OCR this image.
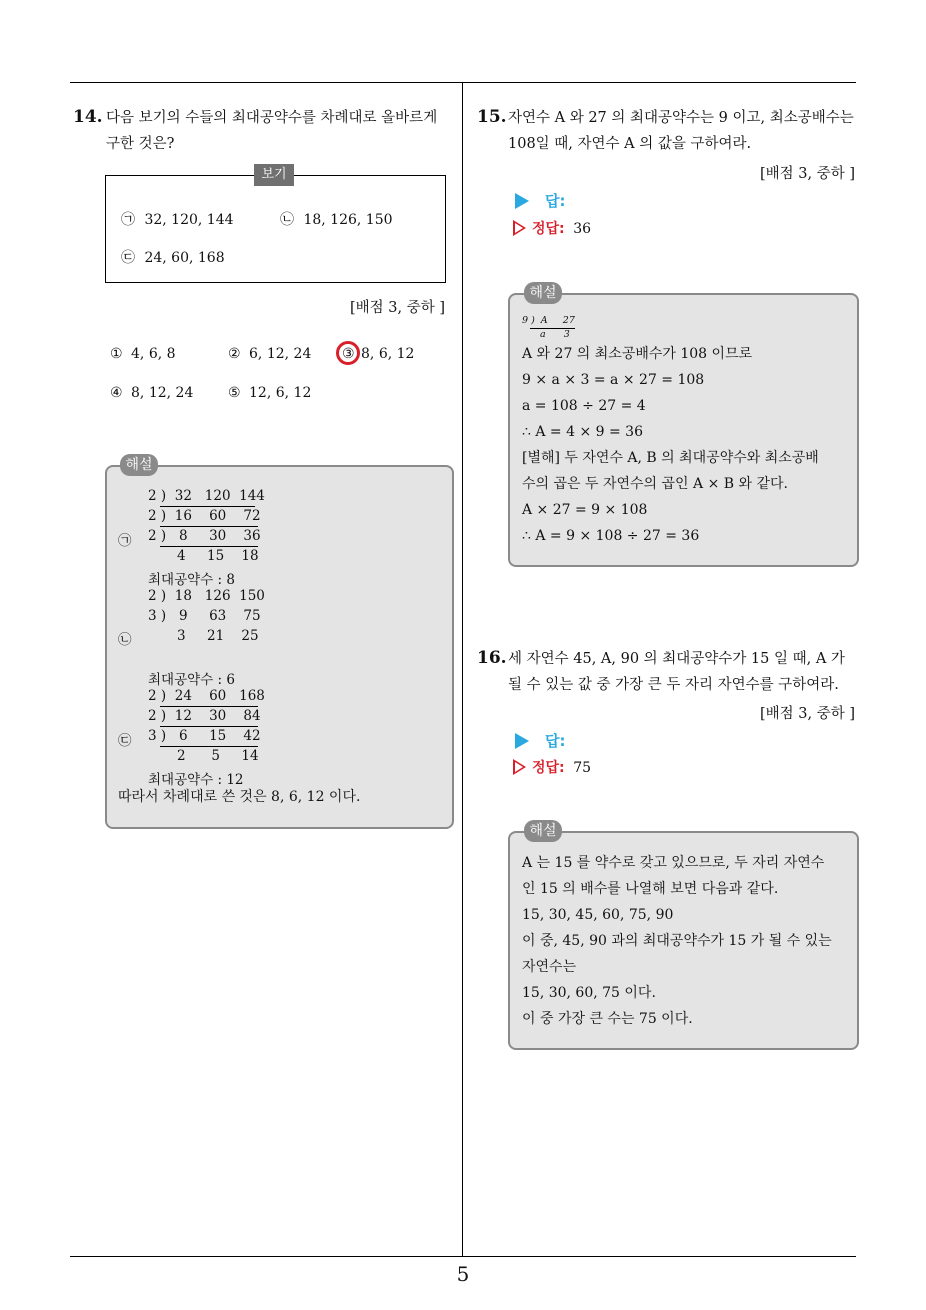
5
14. 다음 보기의 수들의 최대공약수를 차례대로 올바르게
구한 것은?
보기
㉠ 32, 120, 144	㉡ 18, 126, 150
㉢ 24, 60, 168
[배점 3, 중하 ]
① 4, 6, 8	② 6, 12, 24 ③ 8, 6, 12
④ 8, 12, 24 ⑤ 12, 6, 12
해설
2 )  32   120  144
2 )  16    60    72
㉠ 2 )   8     30    36
4     15    18
최대공약수 : 8
2 )  18   126  150
3 )   9     63    75
㉡	3     21    25
최대공약수 : 6
2 )  24    60   168
2 )  12    30    84
㉢ 3 )   6     15    42
2      5     14
최대공약수 : 12
따라서 차례대로 쓴 것은 8, 6, 12 이다.
15. 자연수 A 와 27 의 최대공약수는 9 이고, 최소공배수는
108일 때, 자연수 A 의 값을 구하여라.
[배점 3, 중하 ]
답:
정답: 36
해설
9 )  A     27
a      3
A 와 27 의 최소공배수가 108 이므로
9 × a × 3 = a × 27 = 108
a = 108 ÷ 27 = 4
∴ A = 4 × 9 = 36
[별해] 두 자연수 A, B 의 최대공약수와 최소공배
수의 곱은 두 자연수의 곱인 A × B 와 같다.
A × 27 = 9 × 108
∴ A = 9 × 108 ÷ 27 = 36
16. 세 자연수 45, A, 90 의 최대공약수가 15 일 때, A 가
될 수 있는 값 중 가장 큰 두 자리 자연수를 구하여라.
[배점 3, 중하 ]
답:
정답: 75
해설
A 는 15 를 약수로 갖고 있으므로, 두 자리 자연수
인 15 의 배수를 나열해 보면 다음과 같다.
15, 30, 45, 60, 75, 90
이 중, 45, 90 과의 최대공약수가 15 가 될 수 있는
자연수는
15, 30, 60, 75 이다.
이 중 가장 큰 수는 75 이다.
